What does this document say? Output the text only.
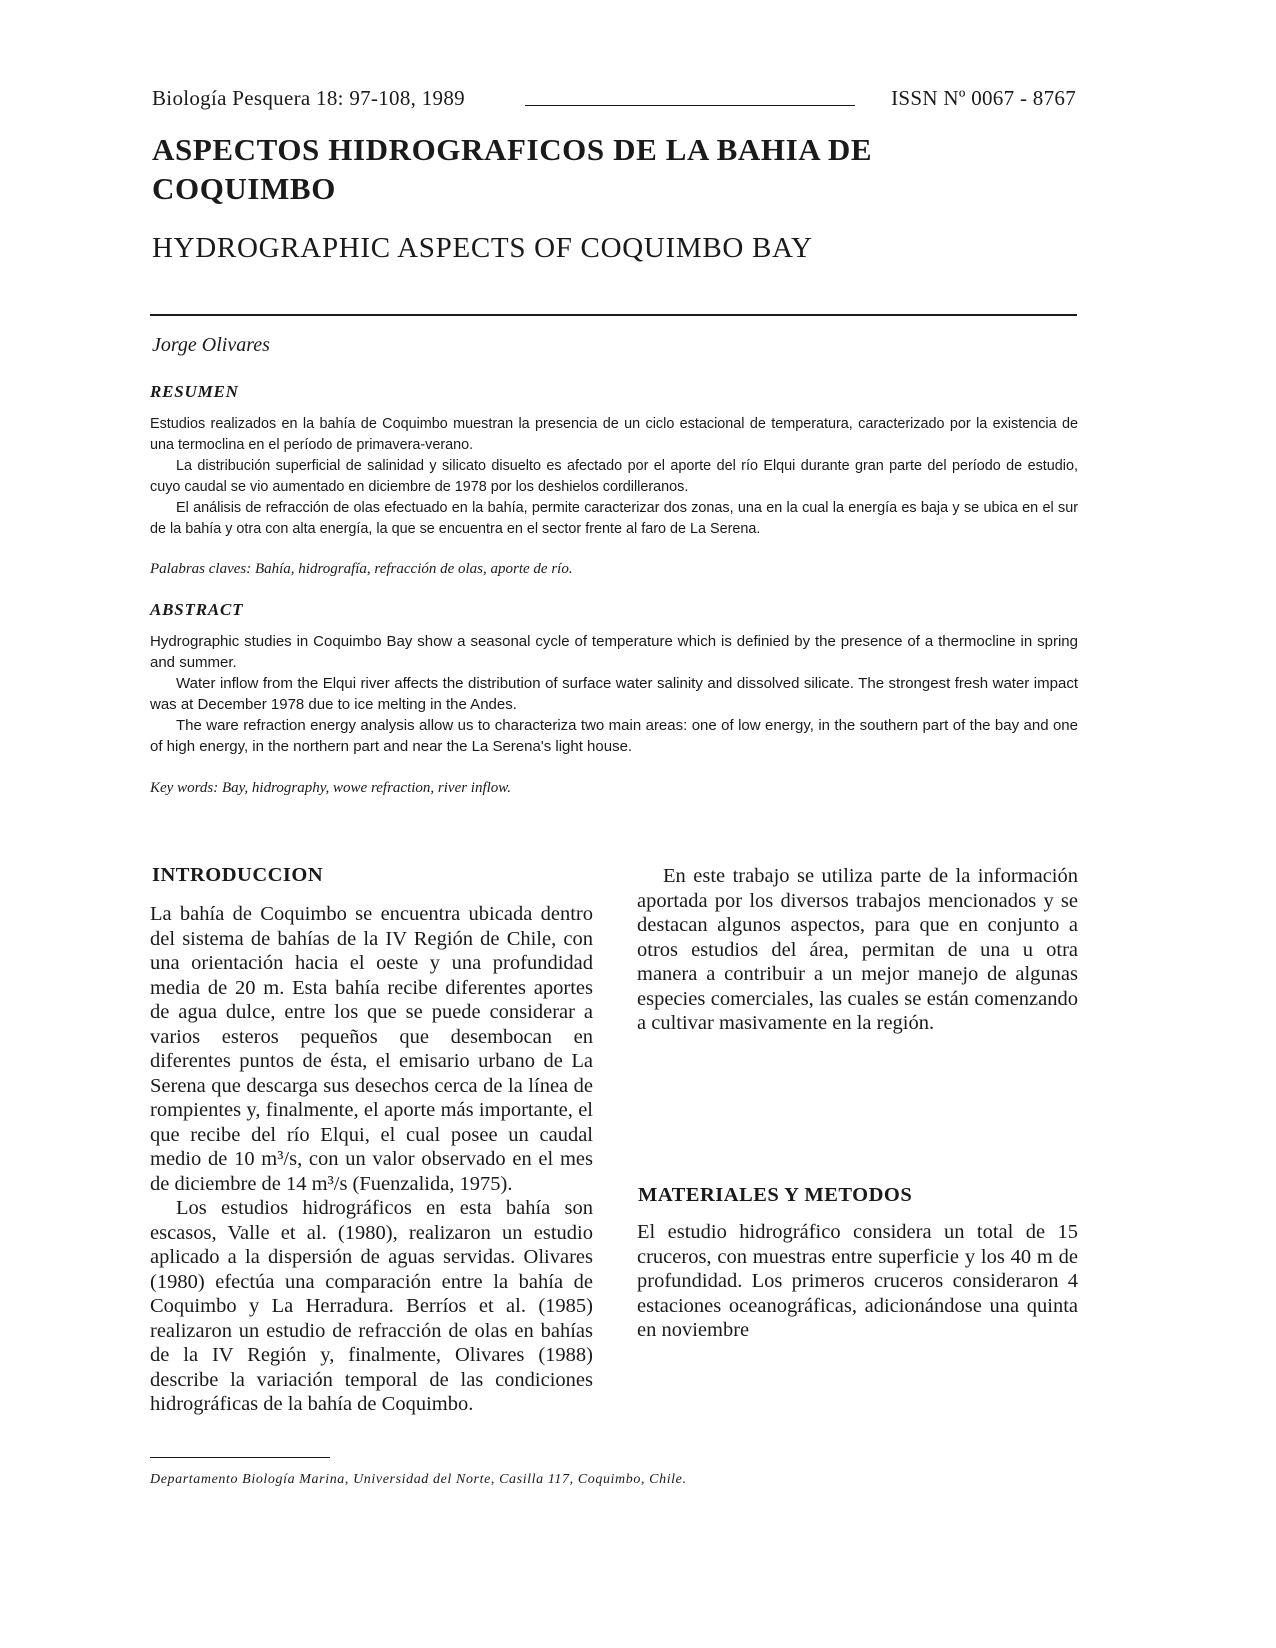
Biología Pesquera 18: 97-108, 1989	ISSN Nº 0067 - 8767
ASPECTOS HIDROGRAFICOS DE LA BAHIA DE COQUIMBO
HYDROGRAPHIC ASPECTS OF COQUIMBO BAY
Jorge Olivares
RESUMEN

Estudios realizados en la bahía de Coquimbo muestran la presencia de un ciclo estacional de temperatura, caracterizado por la existencia de una termoclina en el período de primavera-verano.

La distribución superficial de salinidad y silicato disuelto es afectado por el aporte del río Elqui durante gran parte del período de estudio, cuyo caudal se vio aumentado en diciembre de 1978 por los deshielos cordilleranos.

El análisis de refracción de olas efectuado en la bahía, permite caracterizar dos zonas, una en la cual la energía es baja y se ubica en el sur de la bahía y otra con alta energía, la que se encuentra en el sector frente al faro de La Serena.

Palabras claves: Bahía, hidrografía, refracción de olas, aporte de río.
ABSTRACT

Hydrographic studies in Coquimbo Bay show a seasonal cycle of temperature which is definied by the presence of a thermocline in spring and summer.

Water inflow from the Elqui river affects the distribution of surface water salinity and dissolved silicate. The strongest fresh water impact was at December 1978 due to ice melting in the Andes.

The ware refraction energy analysis allow us to characteriza two main areas: one of low energy, in the southern part of the bay and one of high energy, in the northern part and near the La Serena's light house.

Key words: Bay, hidrography, wowe refraction, river inflow.
INTRODUCCION

La bahía de Coquimbo se encuentra ubicada dentro del sistema de bahías de la IV Región de Chile, con una orientación hacia el oeste y una profundidad media de 20 m. Esta bahía recibe diferentes aportes de agua dulce, entre los que se puede considerar a varios esteros pequeños que desembocan en diferentes puntos de ésta, el emisario urbano de La Serena que descarga sus desechos cerca de la línea de rompientes y, finalmente, el aporte más importante, el que recibe del río Elqui, el cual posee un caudal medio de 10 m³/s, con un valor observado en el mes de diciembre de 14 m³/s (Fuenzalida, 1975).

Los estudios hidrográficos en esta bahía son escasos, Valle et al. (1980), realizaron un estudio aplicado a la dispersión de aguas servidas. Olivares (1980) efectúa una comparación entre la bahía de Coquimbo y La Herradura. Berríos et al. (1985) realizaron un estudio de refracción de olas en bahías de la IV Región y, finalmente, Olivares (1988) describe la variación temporal de las condiciones hidrográficas de la bahía de Coquimbo.

En este trabajo se utiliza parte de la información aportada por los diversos trabajos mencionados y se destacan algunos aspectos, para que en conjunto a otros estudios del área, permitan de una u otra manera a contribuir a un mejor manejo de algunas especies comerciales, las cuales se están comenzando a cultivar masivamente en la región.

MATERIALES Y METODOS

El estudio hidrográfico considera un total de 15 cruceros, con muestras entre superficie y los 40 m de profundidad. Los primeros cruceros consideraron 4 estaciones oceanográficas, adicionándose una quinta en noviembre

Departamento Biología Marina, Universidad del Norte, Casilla 117, Coquimbo, Chile.
